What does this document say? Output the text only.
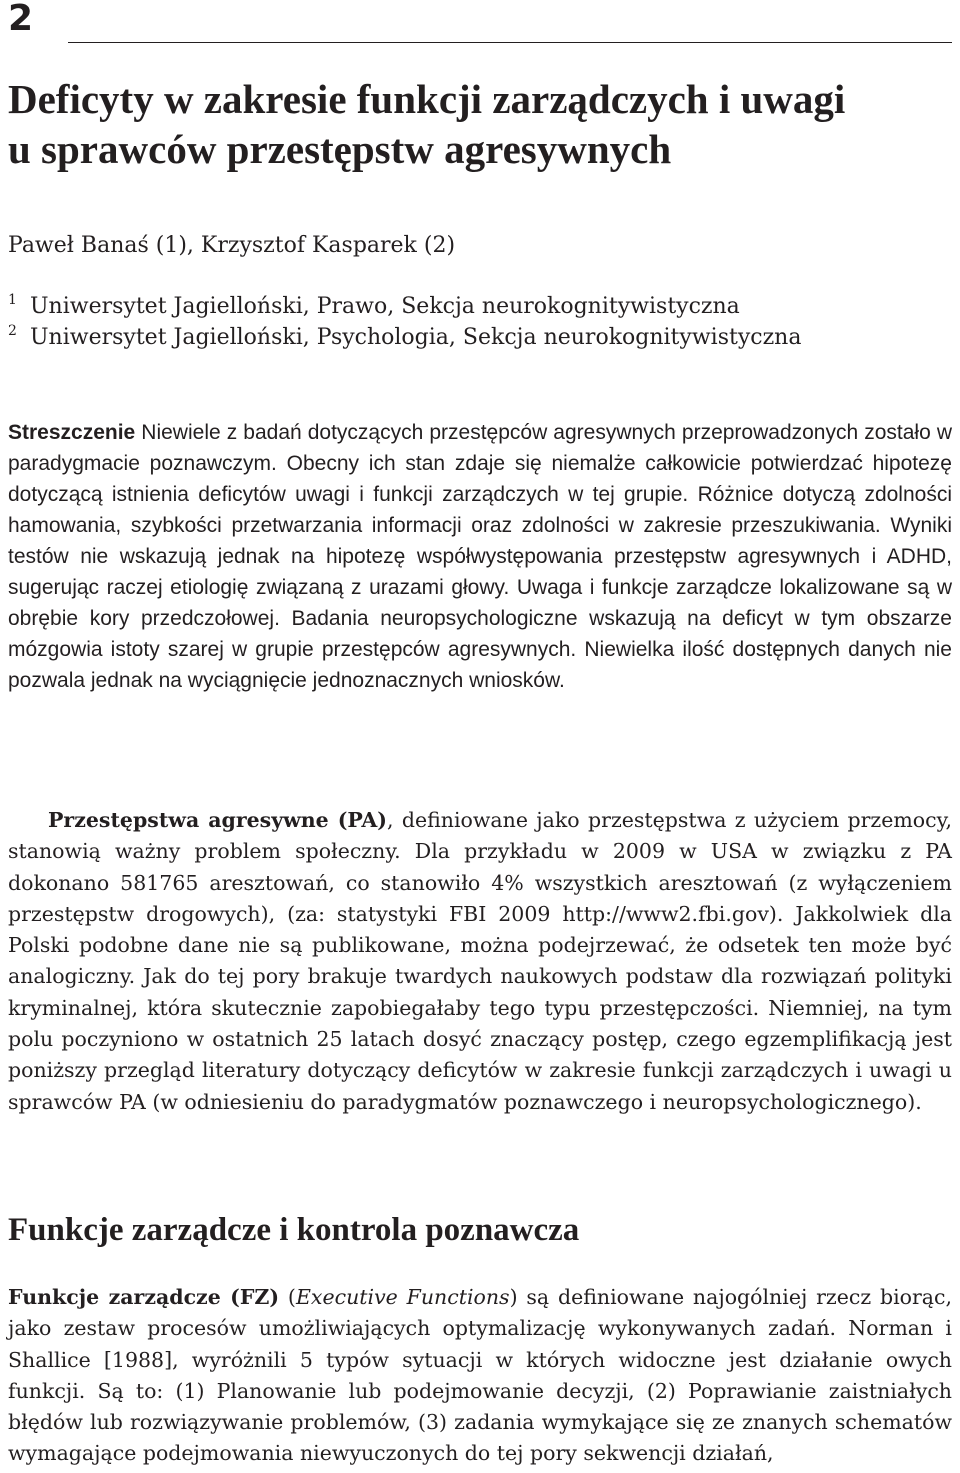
2
Deficyty w zakresie funkcji zarządczych i uwagi
u sprawców przestępstw agresywnych
Paweł Banaś (1), Krzysztof Kasparek (2)
1 Uniwersytet Jagielloński, Prawo, Sekcja neurokognitywistyczna
2 Uniwersytet Jagielloński, Psychologia, Sekcja neurokognitywistyczna

Streszczenie Niewiele z badań dotyczących przestępców agresywnych przeprowadzonych zostało w paradygmacie poznawczym. Obecny ich stan zdaje się niemalże całkowicie potwierdzać hipotezę dotyczącą istnienia deficytów uwagi i funkcji zarządczych w tej grupie. Różnice dotyczą zdolności hamowania, szybkości przetwarzania informacji oraz zdolności w zakresie przeszukiwania. Wyniki testów nie wskazują jednak na hipotezę współwystępowania przestępstw agresywnych i ADHD, sugerując raczej etiologię związaną z urazami głowy. Uwaga i funkcje zarządcze lokalizowane są w obrębie kory przedczołowej. Badania neuropsychologiczne wskazują na deficyt w tym obszarze mózgowia istoty szarej w grupie przestępców agresywnych. Niewielka ilość dostępnych danych nie pozwala jednak na wyciągnięcie jednoznacznych wniosków.

Przestępstwa agresywne (PA), definiowane jako przestępstwa z użyciem przemocy, stanowią ważny problem społeczny. Dla przykładu w 2009 w USA w związku z PA dokonano 581765 aresztowań, co stanowiło 4% wszystkich aresztowań (z wyłączeniem przestępstw drogowych), (za: statystyki FBI 2009 http://www2.fbi.gov). Jakkolwiek dla Polski podobne dane nie są publikowane, można podejrzewać, że odsetek ten może być analogiczny. Jak do tej pory brakuje twardych naukowych podstaw dla rozwiązań polityki kryminalnej, która skutecznie zapobiegałaby tego typu przestępczości. Niemniej, na tym polu poczyniono w ostatnich 25 latach dosyć znaczący postęp, czego egzemplifikacją jest poniższy przegląd literatury dotyczący deficytów w zakresie funkcji zarządczych i uwagi u sprawców PA (w odniesieniu do paradygmatów poznawczego i neuropsychologicznego).

Funkcje zarządcze i kontrola poznawcza

Funkcje zarządcze (FZ) (Executive Functions) są definiowane najogólniej rzecz biorąc, jako zestaw procesów umożliwiających optymalizację wykonywanych zadań. Norman i Shallice [1988], wyróżnili 5 typów sytuacji w których widoczne jest działanie owych funkcji. Są to: (1) Planowanie lub podejmowanie decyzji, (2) Poprawianie zaistniałych błędów lub rozwiązywanie problemów, (3) zadania wymykające się ze znanych schematów wymagające podejmowania niewyuczonych do tej pory sekwencji działań,
